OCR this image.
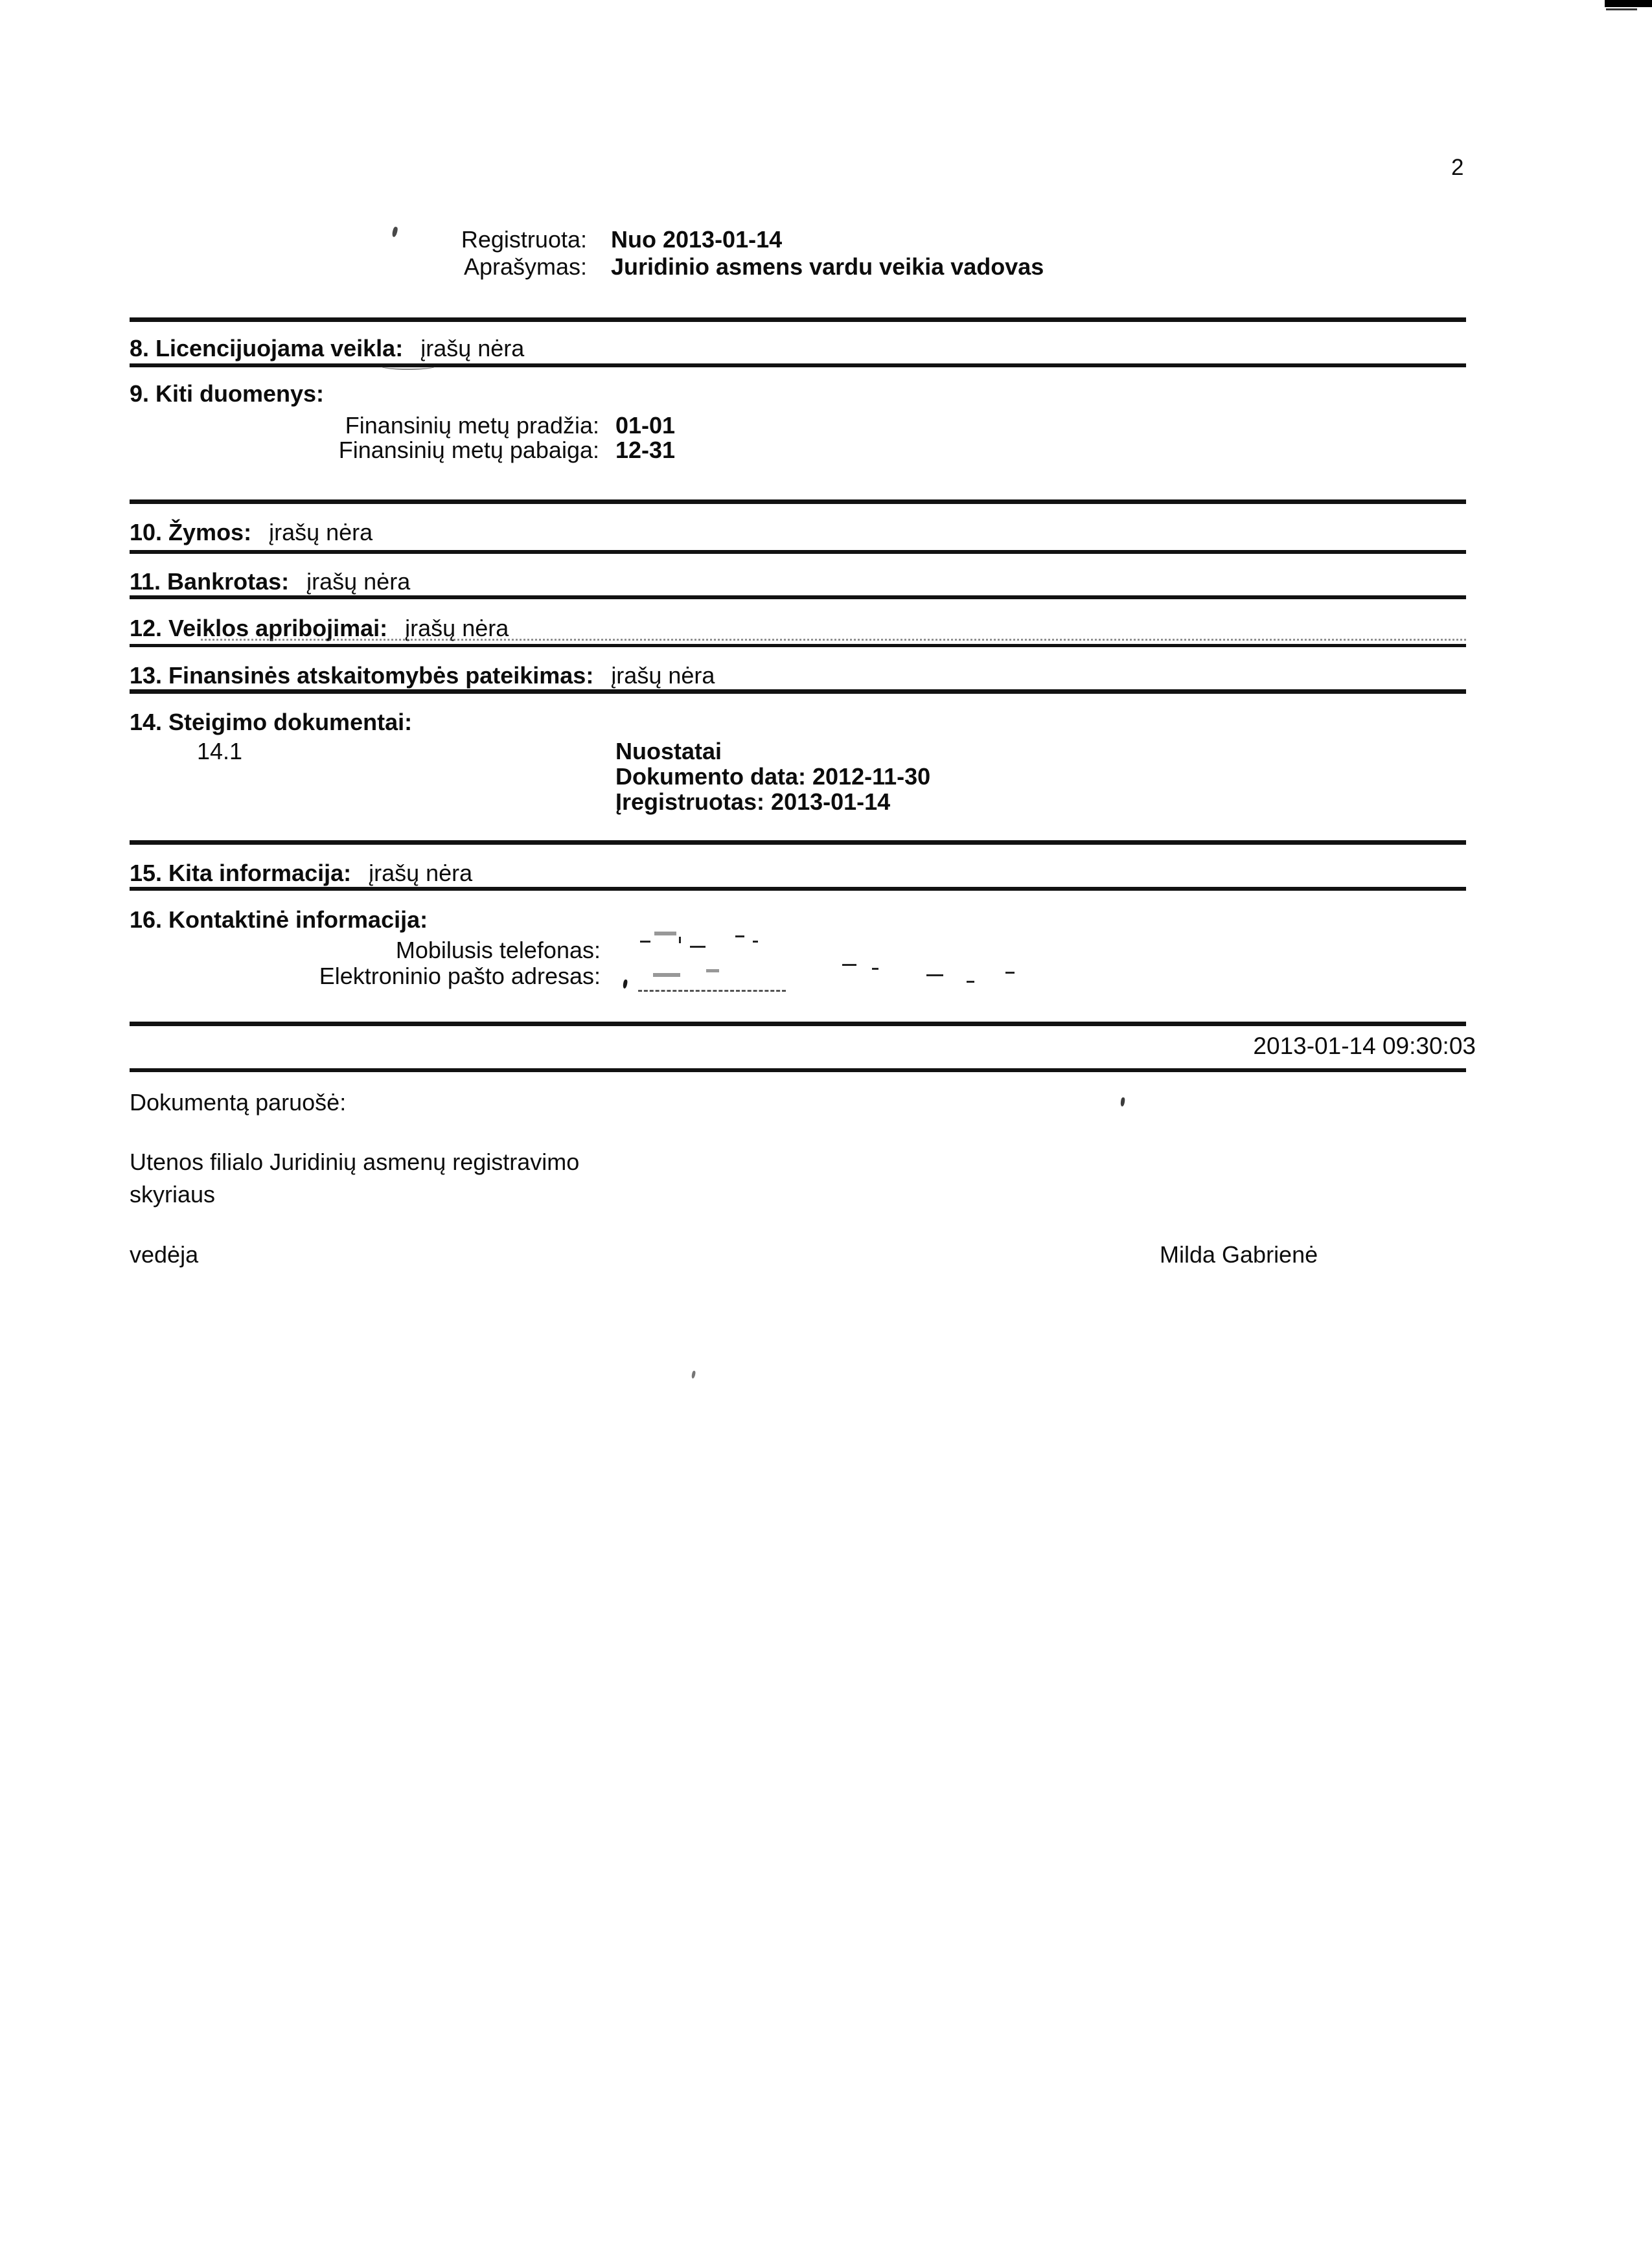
2
Registruota: Nuo 2013-01-14
Aprašymas: Juridinio asmens vardu veikia vadovas
8. Licencijuojama veikla: įrašų nėra
9. Kiti duomenys:
Finansinių metų pradžia: 01-01
Finansinių metų pabaiga: 12-31
10. Žymos: įrašų nėra
11. Bankrotas: įrašų nėra
12. Veiklos apribojimai: įrašų nėra
13. Finansinės atskaitomybės pateikimas: įrašų nėra
14. Steigimo dokumentai:
14.1	Nuostatai
Dokumento data: 2012-11-30
Įregistruotas: 2013-01-14
15. Kita informacija: įrašų nėra
16. Kontaktinė informacija:
Mobilusis telefonas:
Elektroninio pašto adresas:
2013-01-14 09:30:03
Dokumentą paruošė:
Utenos filialo Juridinių asmenų registravimo
skyriaus
vedėja	Milda Gabrienė
